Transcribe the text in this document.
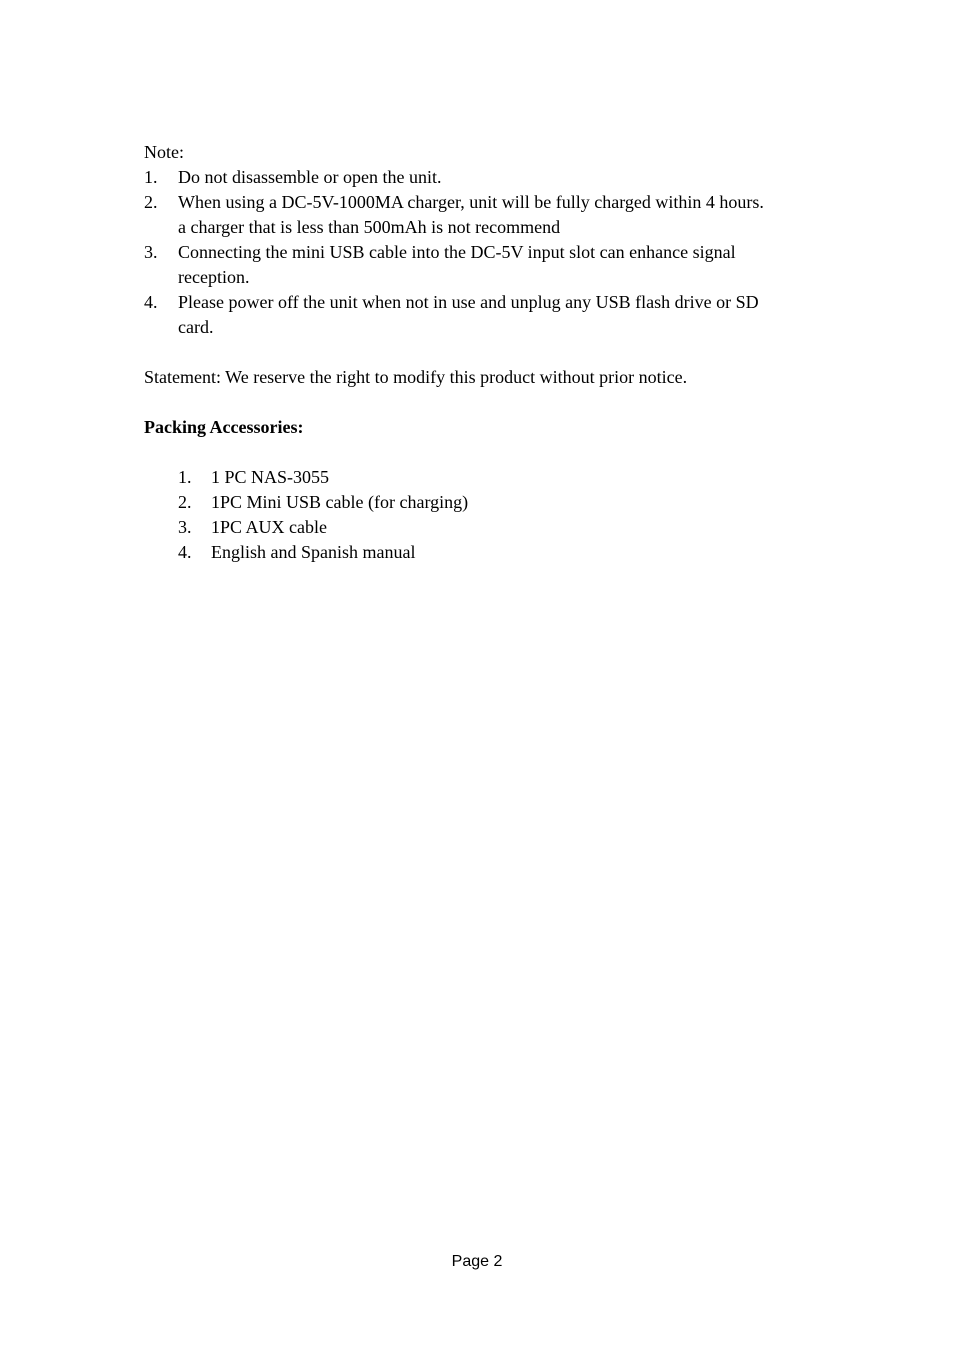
Note:

1.	Do not disassemble or open the unit.
2.	When using a DC-5V-1000MA charger, unit will be fully charged within 4 hours.
a charger that is less than 500mAh is not recommend
3.	Connecting the mini USB cable into the DC-5V input slot can enhance signal
reception.
4.	Please power off the unit when not in use and unplug any USB flash drive or SD
card.

Statement: We reserve the right to modify this product without prior notice.

Packing Accessories:

1.	1 PC NAS-3055
2.	1PC Mini USB cable (for charging)
3.	1PC AUX cable
4.	English and Spanish manual
Page 2
